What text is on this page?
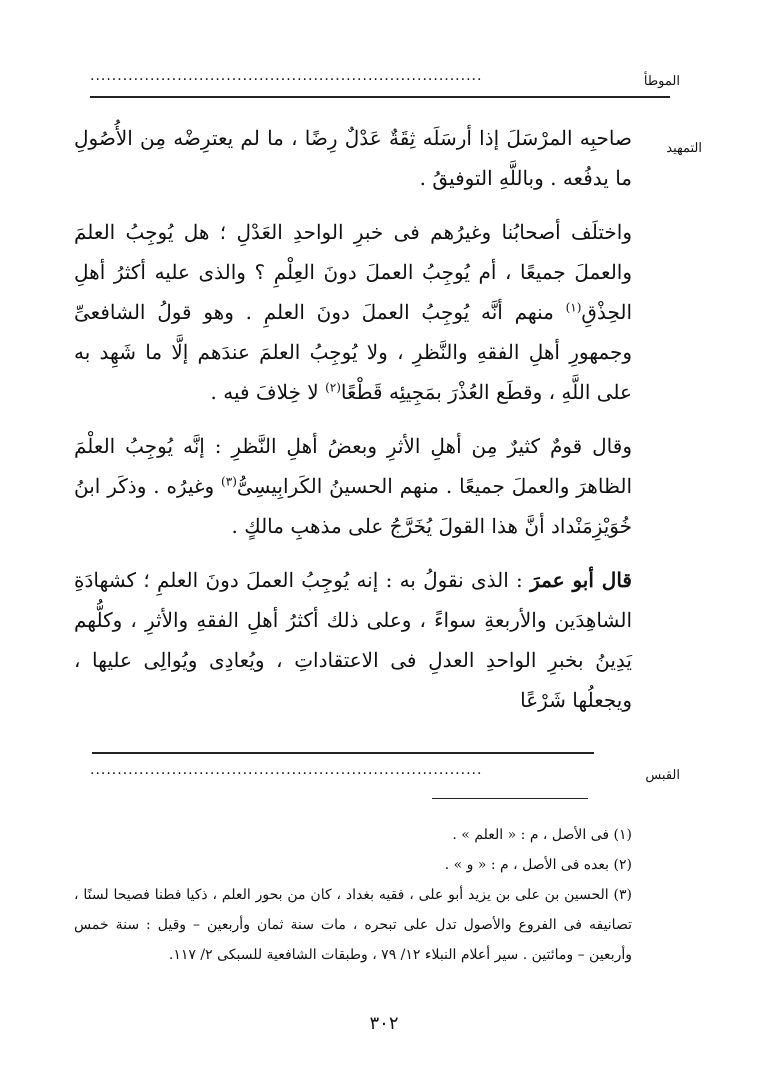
الموطأ
........................................................................
التمهيد

صاحبِه المرْسَلَ إذا أرسَلَه ثِقَةٌ عَدْلٌ رِضًا ، ما لم يعترِضْه مِن الأُصُولِ ما يدفُعه . وباللَّهِ التوفيقُ .

واختلَف أصحابُنا وغيرُهم فى خبرِ الواحدِ العَدْلِ ؛ هل يُوجِبُ العلمَ والعملَ جميعًا ، أم يُوجِبُ العملَ دونَ العِلْمِ ؟ والذى عليه أكثرُ أهلِ الحِذْقِ$^{(١)}$ منهم أنَّه يُوجِبُ العملَ دونَ العلمِ . وهو قولُ الشافعىِّ وجمهورِ أهلِ الفقهِ والنَّظرِ ، ولا يُوجِبُ العلمَ عندَهم إلَّا ما شَهِد به على اللَّهِ ، وقطَع العُذْرَ بمَجِيئِه قَطْعًا$^{(٢)}$ لا خِلافَ فيه .

وقال قومٌ كثيرٌ مِن أهلِ الأثرِ وبعضُ أهلِ النَّظرِ : إنَّه يُوجِبُ العلْمَ الظاهرَ والعملَ جميعًا . منهم الحسينُ الكَرابِيسِىُّ$^{(٣)}$ وغيرُه . وذكَر ابنُ خُوَيْزِمَنْداد أنَّ هذا القولَ يُخَرَّجُ على مذهبِ مالكٍ .

قال أبو عمرَ : الذى نقولُ به : إنه يُوجِبُ العملَ دونَ العلمِ ؛ كشهادَةِ الشاهِدَين والأربعةِ سواءً ، وعلى ذلك أكثرُ أهلِ الفقهِ والأثرِ ، وكلُّهم يَدِينُ بخبرِ الواحدِ العدلِ فى الاعتقاداتِ ، ويُعادِى ويُوالِى عليها ، ويجعلُها شَرْعًا

القبس
........................................................................
(١) فى الأصل ، م : « العلم » .
(٢) بعده فى الأصل ، م : « و » .
(٣) الحسين بن على بن يزيد أبو على ، فقيه بغداد ، كان من بحور العلم ، ذكيا فطنا فصيحا لسنًا ، تصانيفه فى الفروع والأصول تدل على تبحره ، مات سنة ثمان وأربعين – وقيل : سنة خمس وأربعين – ومائتين . سير أعلام النبلاء ١٢/ ٧٩ ، وطبقات الشافعية للسبكى ٢/ ١١٧.
٣٠٢
